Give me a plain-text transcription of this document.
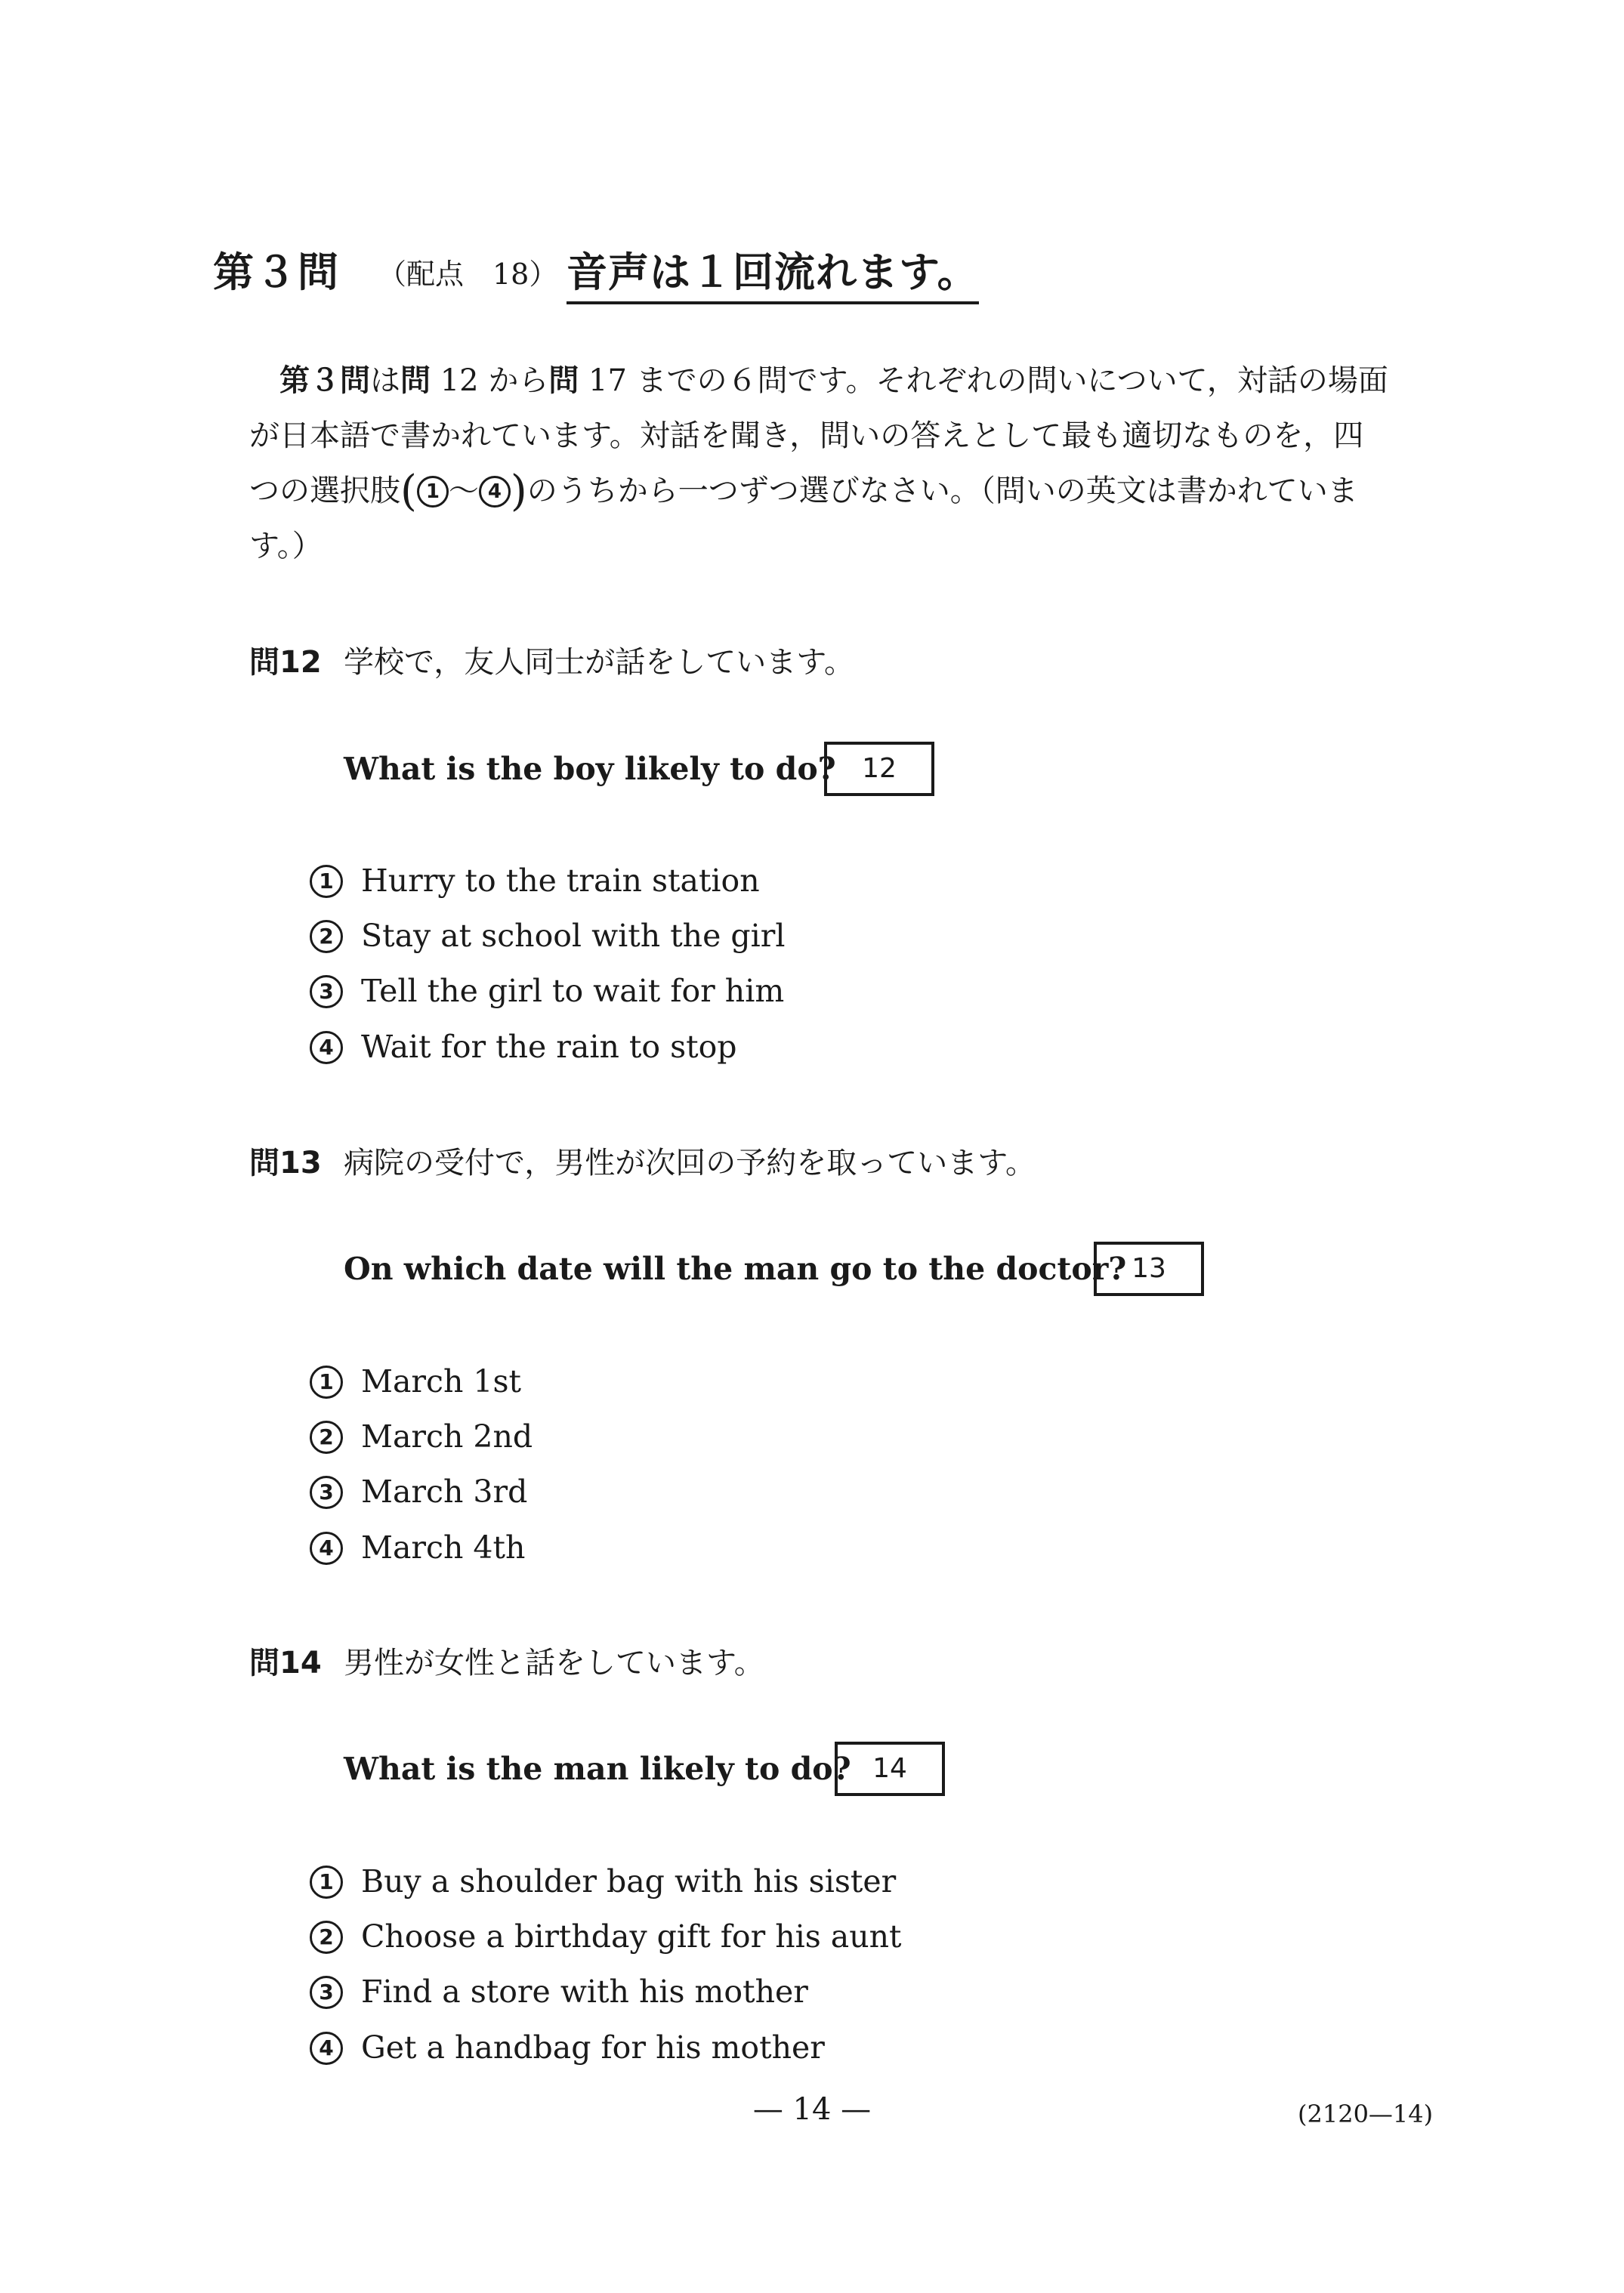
第３問 （配点　18） 音声は１回流れます。
第３問は問 12 から問 17 までの６問です。それぞれの問いについて，対話の場面
が日本語で書かれています。対話を聞き，問いの答えとして最も適切なものを，四
つの選択肢( 1 ～ 4 )のうちから一つずつ選びなさい。（問いの英文は書かれていま
す。）
問12 学校で，友人同士が話をしています。
What is the boy likely to do? 12
1 Hurry to the train station
2 Stay at school with the girl
3 Tell the girl to wait for him
4 Wait for the rain to stop
問13 病院の受付で，男性が次回の予約を取っています。
On which date will the man go to the doctor? 13
1 March 1st
2 March 2nd
3 March 3rd
4 March 4th
問14 男性が女性と話をしています。
What is the man likely to do? 14
1 Buy a shoulder bag with his sister
2 Choose a birthday gift for his aunt
3 Find a store with his mother
4 Get a handbag for his mother
— 14 —	(2120—14)
